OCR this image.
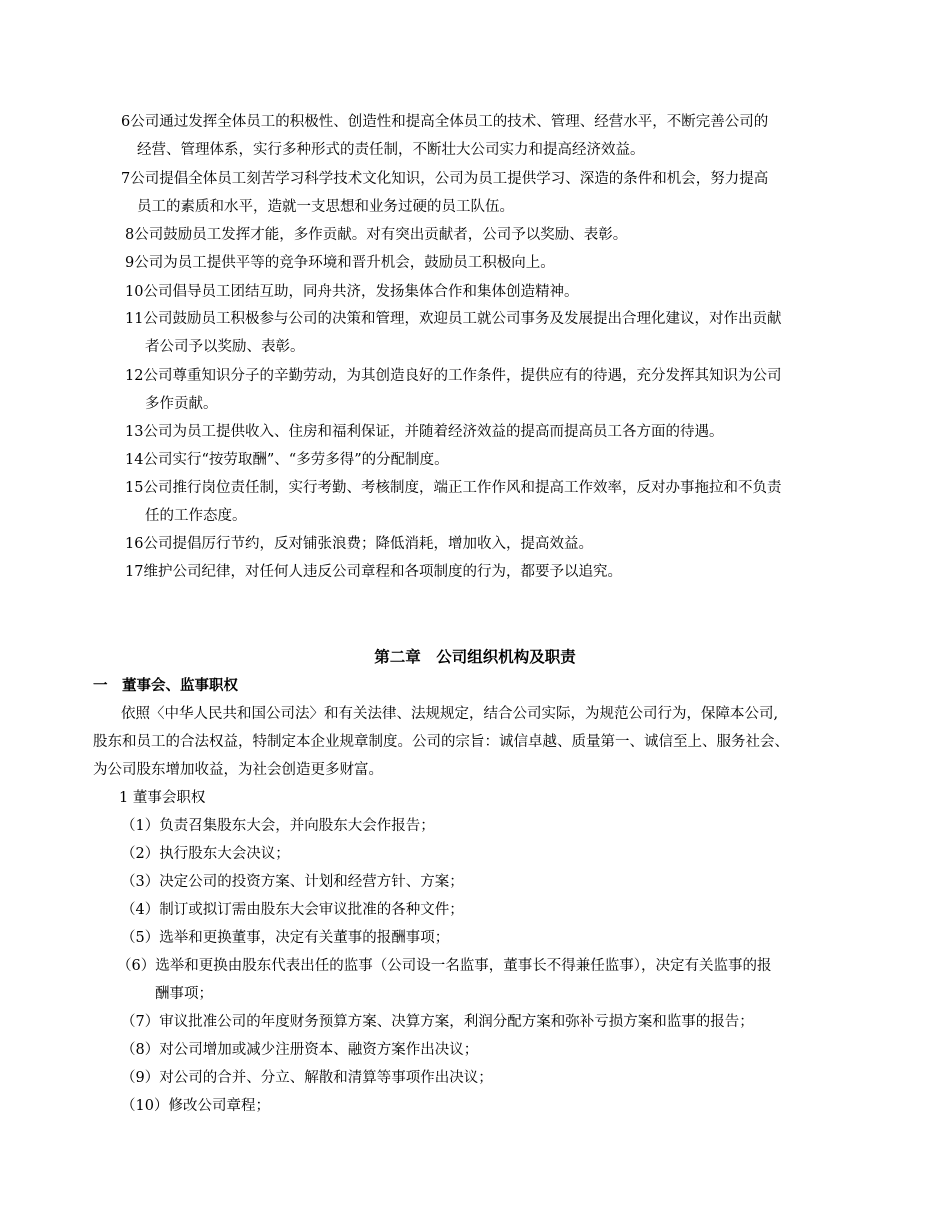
6公司通过发挥全体员工的积极性、创造性和提高全体员工的技术、管理、经营水平，不断完善公司的
经营、管理体系，实行多种形式的责任制，不断壮大公司实力和提高经济效益。
7公司提倡全体员工刻苦学习科学技术文化知识，公司为员工提供学习、深造的条件和机会，努力提高
员工的素质和水平，造就一支思想和业务过硬的员工队伍。
8公司鼓励员工发挥才能，多作贡献。对有突出贡献者，公司予以奖励、表彰。
9公司为员工提供平等的竞争环境和晋升机会，鼓励员工积极向上。
10公司倡导员工团结互助，同舟共济，发扬集体合作和集体创造精神。
11公司鼓励员工积极参与公司的决策和管理，欢迎员工就公司事务及发展提出合理化建议，对作出贡献
者公司予以奖励、表彰。
12公司尊重知识分子的辛勤劳动，为其创造良好的工作条件，提供应有的待遇，充分发挥其知识为公司
多作贡献。
13公司为员工提供收入、住房和福利保证，并随着经济效益的提高而提高员工各方面的待遇。
14公司实行“按劳取酬”、“多劳多得”的分配制度。
15公司推行岗位责任制，实行考勤、考核制度，端正工作作风和提高工作效率，反对办事拖拉和不负责
任的工作态度。
16公司提倡厉行节约，反对铺张浪费；降低消耗，增加收入，提高效益。
17维护公司纪律，对任何人违反公司章程和各项制度的行为，都要予以追究。
第二章　公司组织机构及职责
一　董事会、监事职权
依照〈中华人民共和国公司法〉和有关法律、法规规定，结合公司实际，为规范公司行为，保障本公司,
股东和员工的合法权益，特制定本企业规章制度。公司的宗旨：诚信卓越、质量第一、诚信至上、服务社会、
为公司股东增加收益，为社会创造更多财富。
1 董事会职权
（1）负责召集股东大会，并向股东大会作报告；
（2）执行股东大会决议；
（3）决定公司的投资方案、计划和经营方针、方案；
（4）制订或拟订需由股东大会审议批准的各种文件；
（5）选举和更换董事，决定有关董事的报酬事项；
（6）选举和更换由股东代表出任的监事（公司设一名监事，董事长不得兼任监事），决定有关监事的报
酬事项；
（7）审议批准公司的年度财务预算方案、决算方案，利润分配方案和弥补亏损方案和监事的报告；
（8）对公司增加或减少注册资本、融资方案作出决议；
（9）对公司的合并、分立、解散和清算等事项作出决议；
（10）修改公司章程；
